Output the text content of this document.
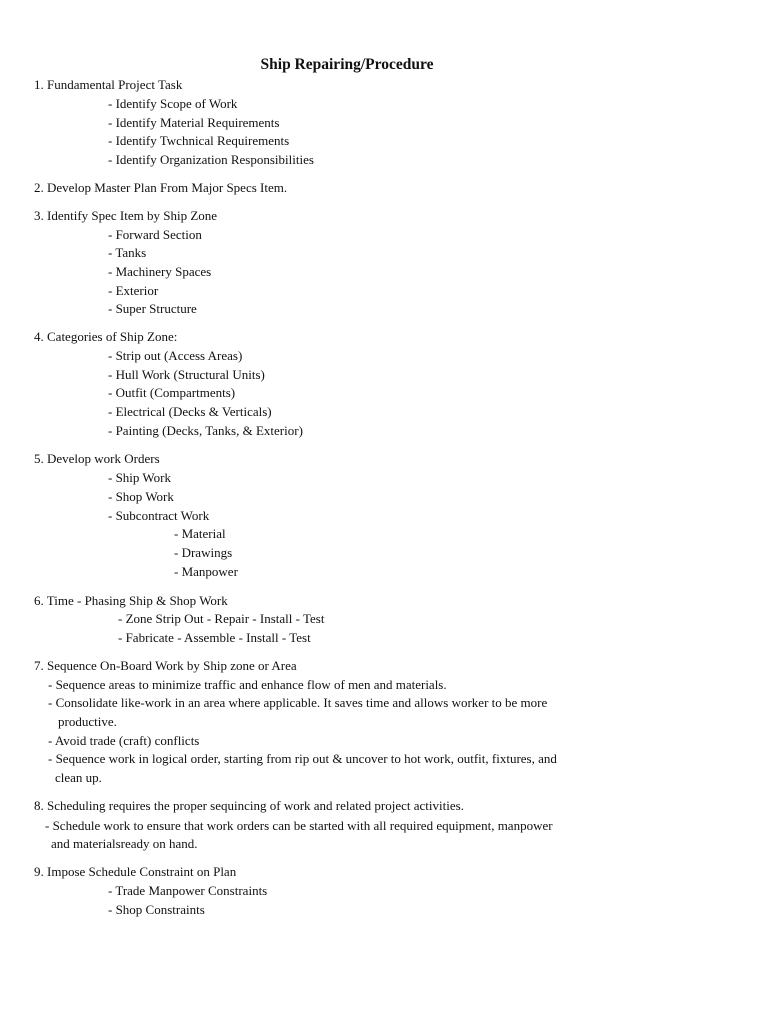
Ship Repairing/Procedure
1. Fundamental Project Task
- Identify Scope of Work
- Identify Material Requirements
- Identify Twchnical Requirements
- Identify Organization Responsibilities
2. Develop Master Plan From Major Specs Item.
3. Identify Spec Item by Ship Zone
- Forward Section
- Tanks
- Machinery Spaces
- Exterior
- Super Structure
4. Categories of Ship Zone:
- Strip out (Access Areas)
- Hull Work (Structural Units)
- Outfit (Compartments)
- Electrical (Decks & Verticals)
- Painting (Decks, Tanks, & Exterior)
5. Develop work Orders
- Ship Work
- Shop Work
- Subcontract Work
- Material
- Drawings
- Manpower
6. Time - Phasing Ship & Shop Work
- Zone Strip Out - Repair - Install - Test
- Fabricate - Assemble - Install - Test
7. Sequence On-Board Work by Ship zone or Area
- Sequence areas to minimize traffic and enhance flow of men and materials.
- Consolidate like-work in an area where applicable. It saves time and allows worker to be more
productive.
- Avoid trade (craft) conflicts
- Sequence work in logical order, starting from rip out & uncover to hot work, outfit, fixtures, and
clean up.
8. Scheduling requires the proper sequincing of work and related project activities.
- Schedule work to ensure that work orders can be started with all required equipment, manpower
and materialsready on hand.
9. Impose Schedule Constraint on Plan
- Trade Manpower Constraints
- Shop Constraints
